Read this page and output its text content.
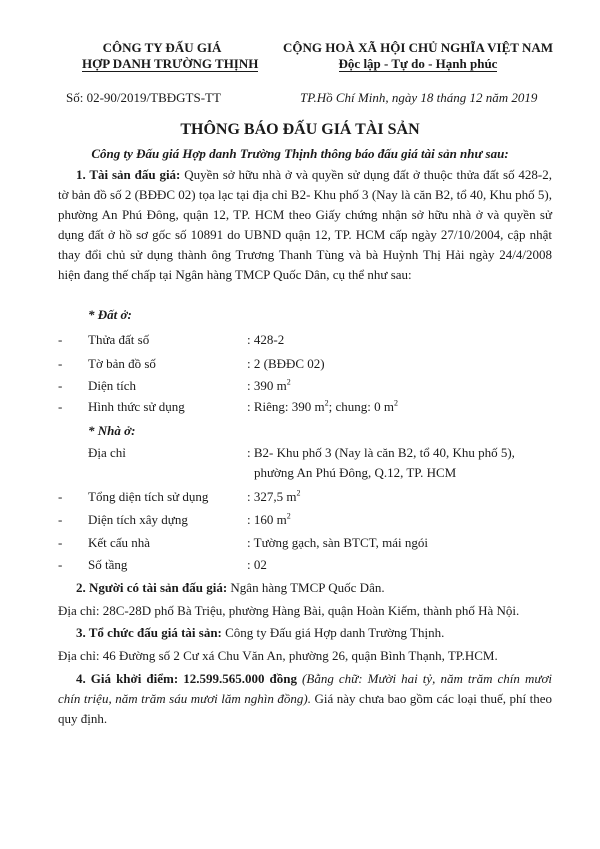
CÔNG TY ĐẤU GIÁ
HỢP DANH TRƯỜNG THỊNH
CỘNG HOÀ XÃ HỘI CHỦ NGHĨA VIỆT NAM
Độc lập - Tự do - Hạnh phúc
Số: 02-90/2019/TBĐGTS-TT	TP.Hồ Chí Minh, ngày 18 tháng 12 năm 2019
THÔNG BÁO ĐẤU GIÁ TÀI SẢN
Công ty Đấu giá Hợp danh Trường Thịnh thông báo đấu giá tài sản như sau:

1. Tài sản đấu giá: Quyền sở hữu nhà ở và quyền sử dụng đất ở thuộc thửa đất số 428-2, tờ bản đồ số 2 (BĐĐC 02) tọa lạc tại địa chỉ B2- Khu phố 3 (Nay là căn B2, tổ 40, Khu phố 5), phường An Phú Đông, quận 12, TP. HCM theo Giấy chứng nhận sở hữu nhà ở và quyền sử dụng đất ở hồ sơ gốc số 10891 do UBND quận 12, TP. HCM cấp ngày 27/10/2004, cập nhật thay đổi chủ sử dụng thành ông Trương Thanh Tùng và bà Huỳnh Thị Hải ngày 24/4/2008 hiện đang thế chấp tại Ngân hàng TMCP Quốc Dân, cụ thể như sau:

* Đất ở:
- Thửa đất số	: 428-2
- Tờ bản đồ số	: 2 (BĐĐC 02)
- Diện tích	: 390 $m^2$
- Hình thức sử dụng	: Riêng: 390 $m^2$; chung: 0 $m^2$
* Nhà ở:
Địa chỉ	: B2- Khu phố 3 (Nay là căn B2, tổ 40, Khu phố 5),
phường An Phú Đông, Q.12, TP. HCM
- Tổng diện tích sử dụng	: 327,5 $m^2$
- Diện tích xây dựng	: 160 $m^2$
- Kết cấu nhà	: Tường gạch, sàn BTCT, mái ngói
- Số tầng	: 02
2. Người có tài sản đấu giá: Ngân hàng TMCP Quốc Dân.
Địa chỉ: 28C-28D phố Bà Triệu, phường Hàng Bài, quận Hoàn Kiếm, thành phố Hà Nội.
3. Tổ chức đấu giá tài sản: Công ty Đấu giá Hợp danh Trường Thịnh.
Địa chỉ: 46 Đường số 2 Cư xá Chu Văn An, phường 26, quận Bình Thạnh, TP.HCM.

4. Giá khởi điểm: 12.599.565.000 đồng (Bằng chữ: Mười hai tỷ, năm trăm chín mươi chín triệu, năm trăm sáu mươi lăm nghìn đồng). Giá này chưa bao gồm các loại thuế, phí theo quy định.
